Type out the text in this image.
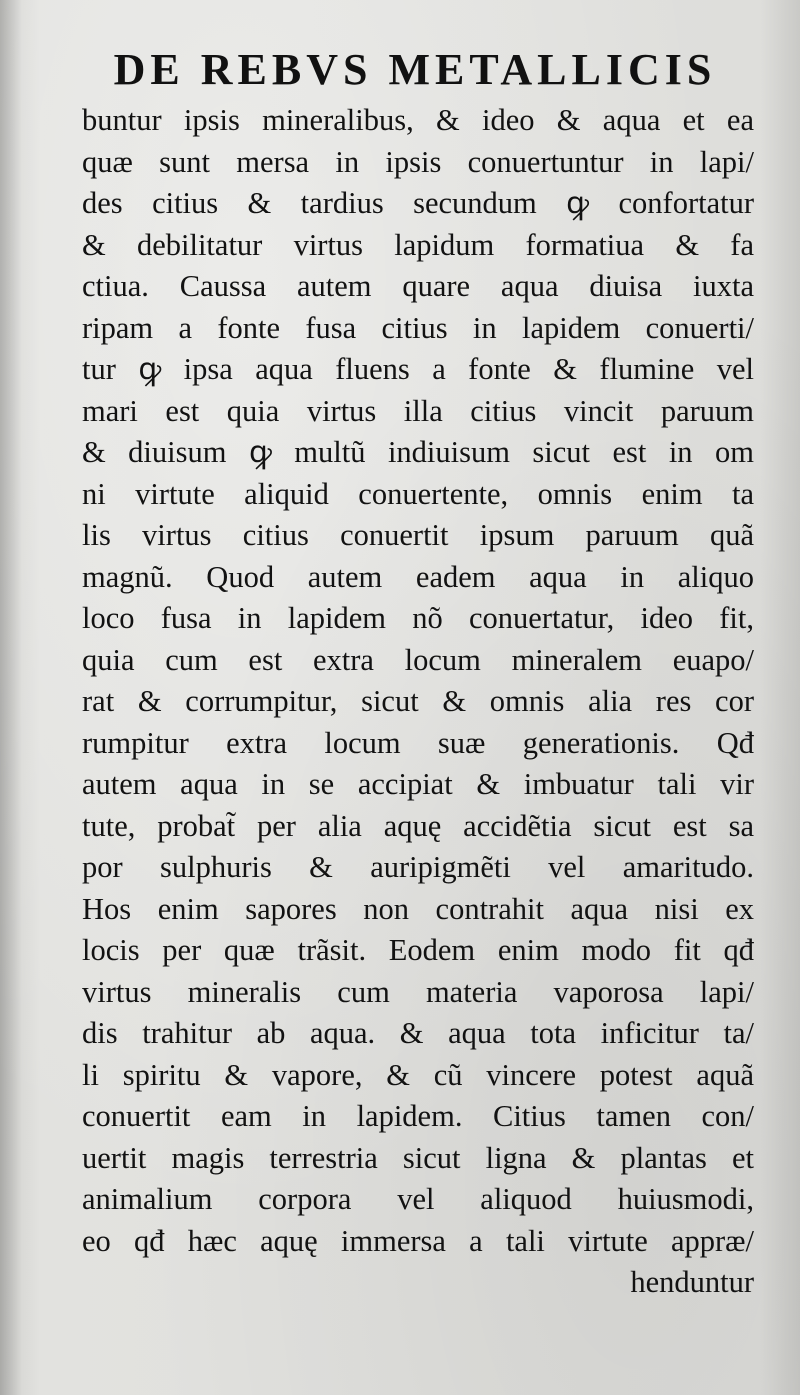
DE REBVS METALLICIS
buntur ipsis mineralibus, & ideo & aqua et ea
quæ sunt mersa in ipsis conuertuntur in lapi/
des citius & tardius secundum ꝙ confortatur
& debilitatur virtus lapidum formatiua & fa
ctiua. Caussa autem quare aqua diuisa iuxta
ripam a fonte fusa citius in lapidem conuerti/
tur ꝙ ipsa aqua fluens a fonte & flumine vel
mari est quia virtus illa citius vincit paruum
& diuisum ꝙ multũ indiuisum sicut est in om
ni virtute aliquid conuertente, omnis enim ta
lis virtus citius conuertit ipsum paruum quã
magnũ. Quod autem eadem aqua in aliquo
loco fusa in lapidem nõ conuertatur, ideo fit,
quia cum est extra locum mineralem euapo/
rat & corrumpitur, sicut & omnis alia res cor
rumpitur extra locum suæ generationis. Qđ
autem aqua in se accipiat & imbuatur tali vir
tute, probat̃ per alia aquę accidẽtia sicut est sa
por sulphuris & auripigmẽti vel amaritudo.
Hos enim sapores non contrahit aqua nisi ex
locis per quæ trãsit. Eodem enim modo fit qđ
virtus mineralis cum materia vaporosa lapi/
dis trahitur ab aqua. & aqua tota inficitur ta/
li spiritu & vapore, & cũ vincere potest aquã
conuertit eam in lapidem. Citius tamen con/
uertit magis terrestria sicut ligna & plantas et
animalium corpora vel aliquod huiusmodi,
eo qđ hæc aquę immersa a tali virtute appræ/
henduntur
